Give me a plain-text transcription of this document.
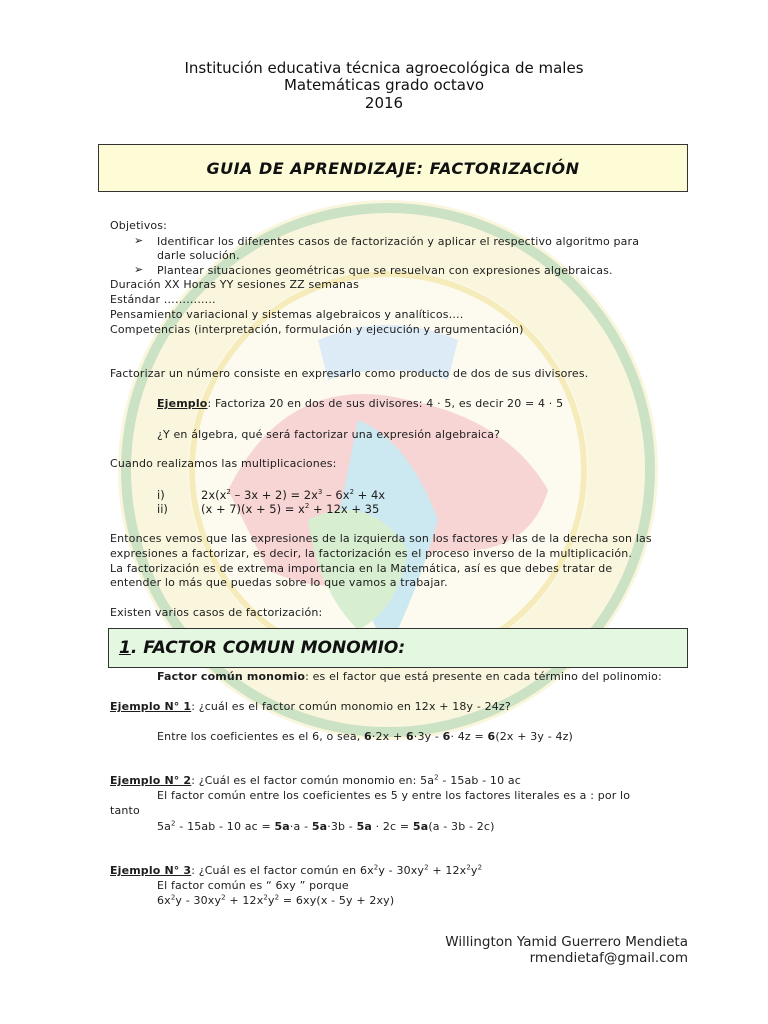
Institución educativa técnica agroecológica de males
Matemáticas grado octavo
2016
GUIA DE APRENDIZAJE: FACTORIZACIÓN
Objetivos:
➢ Identificar los diferentes casos de factorización y aplicar el respectivo algoritmo para
darle solución.
➢ Plantear situaciones geométricas que se resuelvan con expresiones algebraicas.
Duración XX Horas YY sesiones ZZ semanas
Estándar …………..
Pensamiento variacional y sistemas algebraicos y analíticos….
Competencias (interpretación, formulación y ejecución y argumentación)
Factorizar un número consiste en expresarlo como producto de dos de sus divisores.
Ejemplo: Factoriza 20 en dos de sus divisores: 4 · 5, es decir 20 = 4 · 5
¿Y en álgebra, qué será factorizar una expresión algebraica?
Cuando realizamos las multiplicaciones:
i)	$2x(x^2 - 3x + 2) = 2x^3 - 6x^2 + 4x$
ii)	$(x + 7)(x + 5) = x^2 + 12x + 35$
Entonces vemos que las expresiones de la izquierda son los factores y las de la derecha son las
expresiones a factorizar, es decir, la factorización es el proceso inverso de la multiplicación.
La factorización es de extrema importancia en la Matemática, así es que debes tratar de
entender lo más que puedas sobre lo que vamos a trabajar.
Existen varios casos de factorización:
1 . FACTOR COMUN MONOMIO:
Factor común monomio: es el factor que está presente en cada término del polinomio:
Ejemplo N° 1: ¿cuál es el factor común monomio en 12x + 18y - 24z?
Entre los coeficientes es el 6, o sea, 6·2x + 6·3y - 6· 4z = 6(2x + 3y - 4z)
Ejemplo N° 2: ¿Cuál es el factor común monomio en: $5a^2 - 15ab - 10$ ac
El factor común entre los coeficientes es 5 y entre los factores literales es a : por lo
tanto
$5a^2 - 15ab - 10$ ac = 5a·a - 5a·3b - 5a · 2c = 5a(a - 3b - 2c)
Ejemplo N° 3: ¿Cuál es el factor común en $6x^2y - 30xy^2 + 12x^2y^2$
El factor común es “ 6xy ” porque
$6x^2y - 30xy^2 + 12x^2y^2 = 6xy(x - 5y + 2xy)$
Willington Yamid Guerrero Mendieta
rmendietaf@gmail.com
